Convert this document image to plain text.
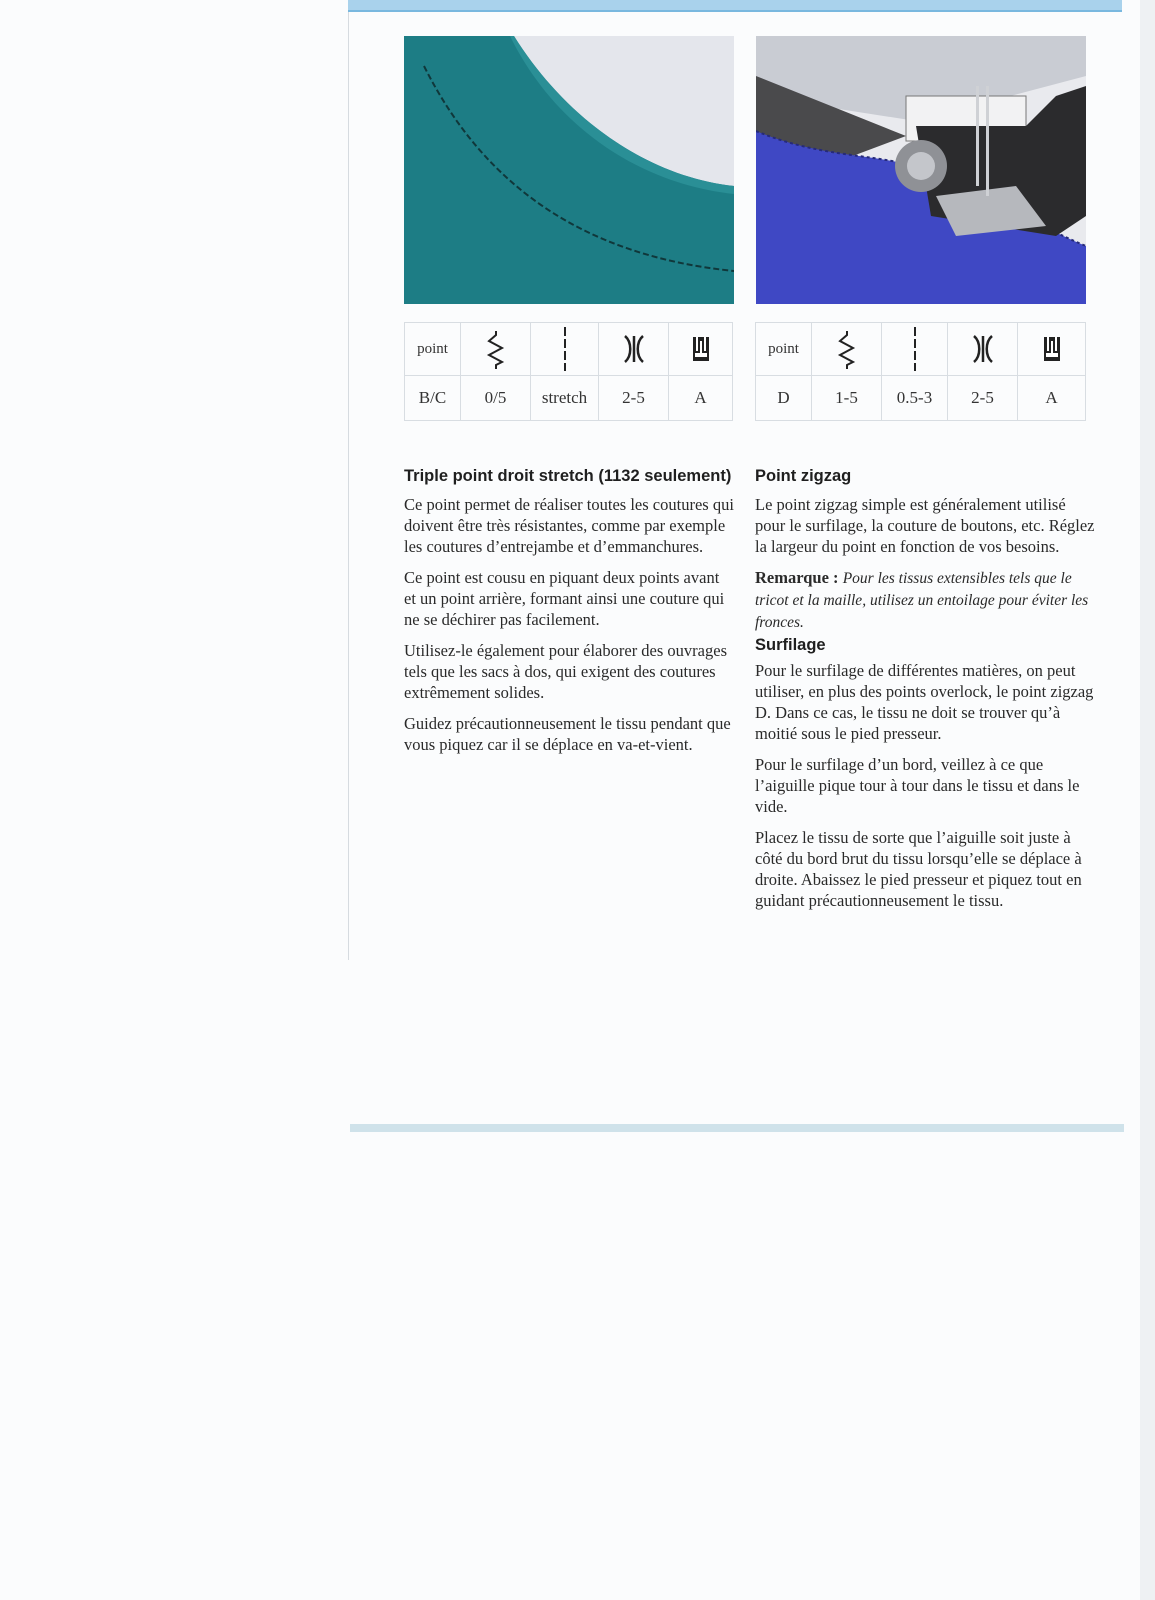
point				
B/C	0/5	stretch	2-5	A
point				
D	1-5	0.5-3	2-5	A
Triple point droit stretch (1132 seulement)

Ce point permet de réaliser toutes les coutures qui doivent être très résistantes, comme par exemple les coutures d’entrejambe et d’emmanchures.

Ce point est cousu en piquant deux points avant et un point arrière, formant ainsi une couture qui ne se déchirer pas facilement.

Utilisez-le également pour élaborer des ouvrages tels que les sacs à dos, qui exigent des coutures extrêmement solides.

Guidez précautionneusement le tissu pendant que vous piquez car il se déplace en va-et-vient.

Point zigzag

Le point zigzag simple est généralement utilisé pour le surfilage, la couture de boutons, etc. Réglez la largeur du point en fonction de vos besoins.

Remarque : Pour les tissus extensibles tels que le tricot et la maille, utilisez un entoilage pour éviter les fronces.

Surfilage

Pour le surfilage de différentes matières, on peut utiliser, en plus des points overlock, le point zigzag D. Dans ce cas, le tissu ne doit se trouver qu’à moitié sous le pied presseur.

Pour le surfilage d’un bord, veillez à ce que l’aiguille pique tour à tour dans le tissu et dans le vide.

Placez le tissu de sorte que l’aiguille soit juste à côté du bord brut du tissu lorsqu’elle se déplace à droite. Abaissez le pied presseur et piquez tout en guidant précautionneusement le tissu.
